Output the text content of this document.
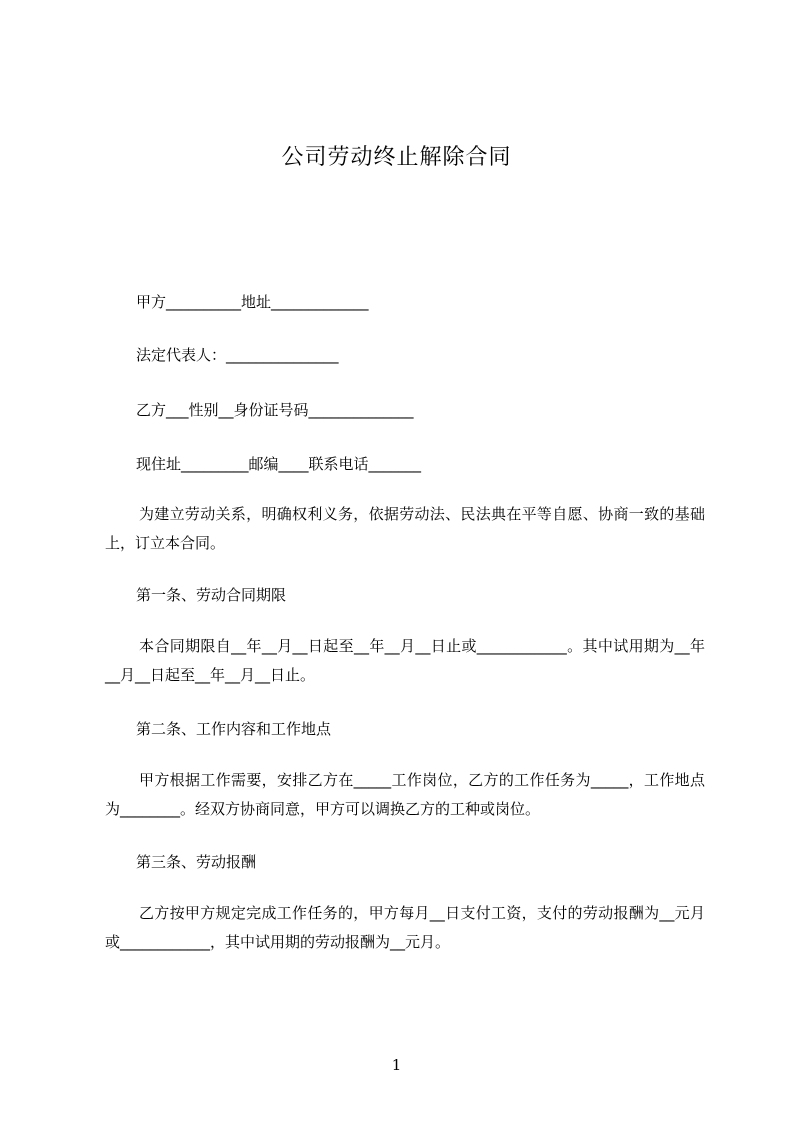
公司劳动终止解除合同
甲方__________地址_____________
法定代表人：_______________
乙方___性别__身份证号码______________
现住址_________邮编____联系电话_______
为建立劳动关系，明确权利义务，依据劳动法、民法典在平等自愿、协商一致的基础上，订立本合同。
第一条、劳动合同期限
本合同期限自__年__月__日起至__年__月__日止或____________。其中试用期为__年__月__日起至__年__月__日止。
第二条、工作内容和工作地点
甲方根据工作需要，安排乙方在_____工作岗位，乙方的工作任务为_____，工作地点为________。经双方协商同意，甲方可以调换乙方的工种或岗位。
第三条、劳动报酬
乙方按甲方规定完成工作任务的，甲方每月__日支付工资，支付的劳动报酬为__元月或____________，其中试用期的劳动报酬为__元月。
1
